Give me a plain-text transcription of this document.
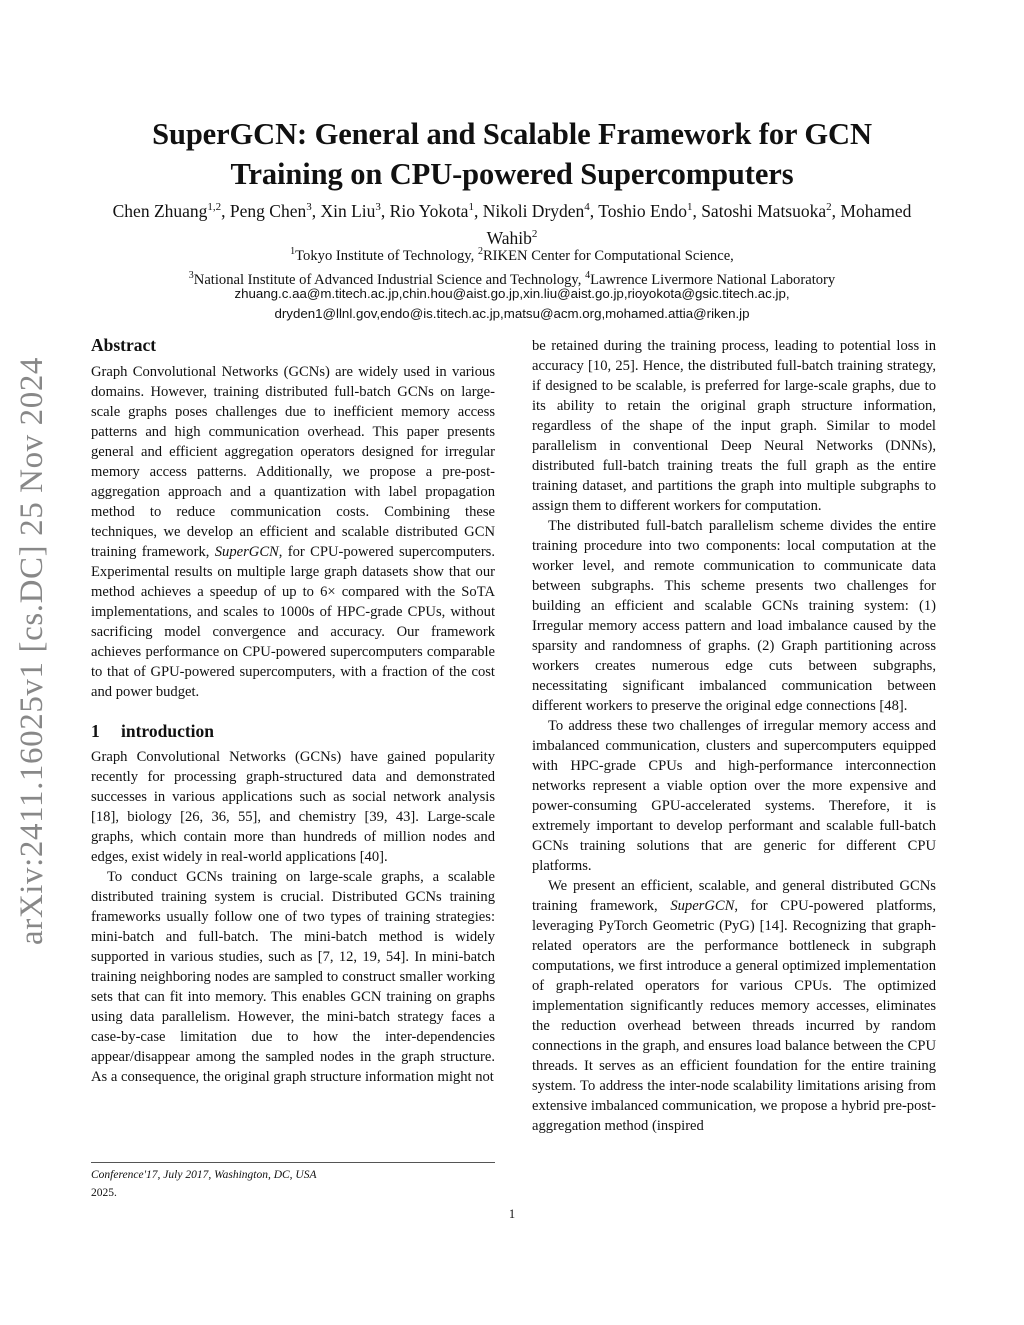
arXiv:2411.16025v1 [cs.DC] 25 Nov 2024
SuperGCN: General and Scalable Framework for GCN
Training on CPU-powered Supercomputers
Chen Zhuang$^{1,2}$, Peng Chen$^3$, Xin Liu$^3$, Rio Yokota$^1$, Nikoli Dryden$^4$, Toshio Endo$^1$, Satoshi Matsuoka$^2$, Mohamed Wahib$^2$
$^1$Tokyo Institute of Technology, $^2$RIKEN Center for Computational Science,
$^3$National Institute of Advanced Industrial Science and Technology, $^4$Lawrence Livermore National Laboratory
zhuang.c.aa@m.titech.ac.jp,chin.hou@aist.go.jp,xin.liu@aist.go.jp,rioyokota@gsic.titech.ac.jp,
dryden1@llnl.gov,endo@is.titech.ac.jp,matsu@acm.org,mohamed.attia@riken.jp
Abstract

Graph Convolutional Networks (GCNs) are widely used in various domains. However, training distributed full-batch GCNs on large-scale graphs poses challenges due to inefficient memory access patterns and high communication overhead. This paper presents general and efficient aggregation operators designed for irregular memory access patterns. Additionally, we propose a pre-post-aggregation approach and a quantization with label propagation method to reduce communication costs. Combining these techniques, we develop an efficient and scalable distributed GCN training framework, SuperGCN, for CPU-powered supercomputers. Experimental results on multiple large graph datasets show that our method achieves a speedup of up to 6× compared with the SoTA implementations, and scales to 1000s of HPC-grade CPUs, without sacrificing model convergence and accuracy. Our framework achieves performance on CPU-powered supercomputers comparable to that of GPU-powered supercomputers, with a fraction of the cost and power budget.

1 introduction

Graph Convolutional Networks (GCNs) have gained popularity recently for processing graph-structured data and demonstrated successes in various applications such as social network analysis [18], biology [26, 36, 55], and chemistry [39, 43]. Large-scale graphs, which contain more than hundreds of million nodes and edges, exist widely in real-world applications [40].

To conduct GCNs training on large-scale graphs, a scalable distributed training system is crucial. Distributed GCNs training frameworks usually follow one of two types of training strategies: mini-batch and full-batch. The mini-batch method is widely supported in various studies, such as [7, 12, 19, 54]. In mini-batch training neighboring nodes are sampled to construct smaller working sets that can fit into memory. This enables GCN training on graphs using data parallelism. However, the mini-batch strategy faces a case-by-case limitation due to how the inter-dependencies appear/disappear among the sampled nodes in the graph structure. As a consequence, the original graph structure information might not

be retained during the training process, leading to potential loss in accuracy [10, 25]. Hence, the distributed full-batch training strategy, if designed to be scalable, is preferred for large-scale graphs, due to its ability to retain the original graph structure information, regardless of the shape of the input graph. Similar to model parallelism in conventional Deep Neural Networks (DNNs), distributed full-batch training treats the full graph as the entire training dataset, and partitions the graph into multiple subgraphs to assign them to different workers for computation.

The distributed full-batch parallelism scheme divides the entire training procedure into two components: local computation at the worker level, and remote communication to communicate data between subgraphs. This scheme presents two challenges for building an efficient and scalable GCNs training system: (1) Irregular memory access pattern and load imbalance caused by the sparsity and randomness of graphs. (2) Graph partitioning across workers creates numerous edge cuts between subgraphs, necessitating significant imbalanced communication between different workers to preserve the original edge connections [48].

To address these two challenges of irregular memory access and imbalanced communication, clusters and supercomputers equipped with HPC-grade CPUs and high-performance interconnection networks represent a viable option over the more expensive and power-consuming GPU-accelerated systems. Therefore, it is extremely important to develop performant and scalable full-batch GCNs training solutions that are generic for different CPU platforms.

We present an efficient, scalable, and general distributed GCNs training framework, SuperGCN, for CPU-powered platforms, leveraging PyTorch Geometric (PyG) [14]. Recognizing that graph-related operators are the performance bottleneck in subgraph computations, we first introduce a general optimized implementation of graph-related operators for various CPUs. The optimized implementation significantly reduces memory accesses, eliminates the reduction overhead between threads incurred by random connections in the graph, and ensures load balance between the CPU threads. It serves as an efficient foundation for the entire training system. To address the inter-node scalability limitations arising from extensive imbalanced communication, we propose a hybrid pre-post-aggregation method (inspired

Conference'17, July 2017, Washington, DC, USA
2025.
1
